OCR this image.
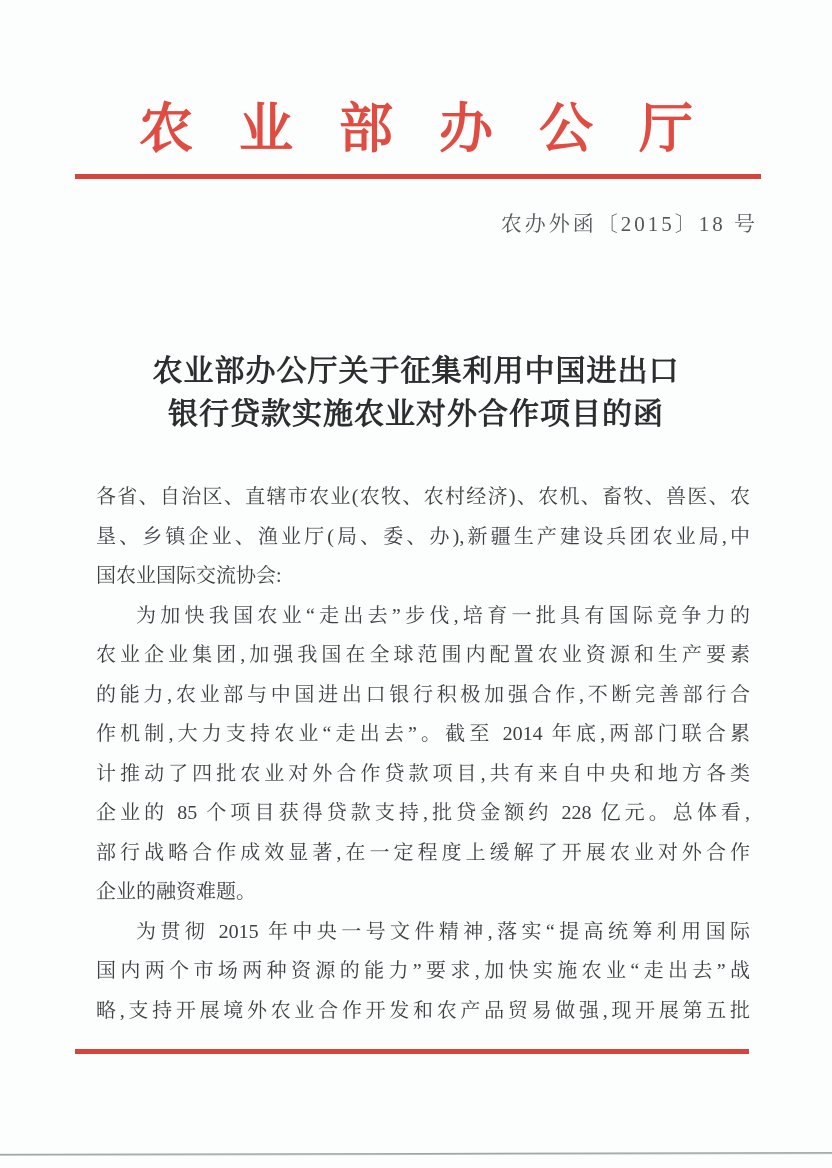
农业部办公厅
农办外函〔2015〕18 号
农业部办公厅关于征集利用中国进出口
银行贷款实施农业对外合作项目的函
各省、自治区、直辖市农业(农牧、农村经济)、农机、畜牧、兽医、农
垦、乡镇企业、渔业厅(局、委、办),新疆生产建设兵团农业局,中
国农业国际交流协会:
为加快我国农业“走出去”步伐,培育一批具有国际竞争力的
农业企业集团,加强我国在全球范围内配置农业资源和生产要素
的能力,农业部与中国进出口银行积极加强合作,不断完善部行合
作机制,大力支持农业“走出去”。截至 2014 年底,两部门联合累
计推动了四批农业对外合作贷款项目,共有来自中央和地方各类
企业的 85 个项目获得贷款支持,批贷金额约 228 亿元。总体看,
部行战略合作成效显著,在一定程度上缓解了开展农业对外合作
企业的融资难题。
为贯彻 2015 年中央一号文件精神,落实“提高统筹利用国际
国内两个市场两种资源的能力”要求,加快实施农业“走出去”战
略,支持开展境外农业合作开发和农产品贸易做强,现开展第五批
